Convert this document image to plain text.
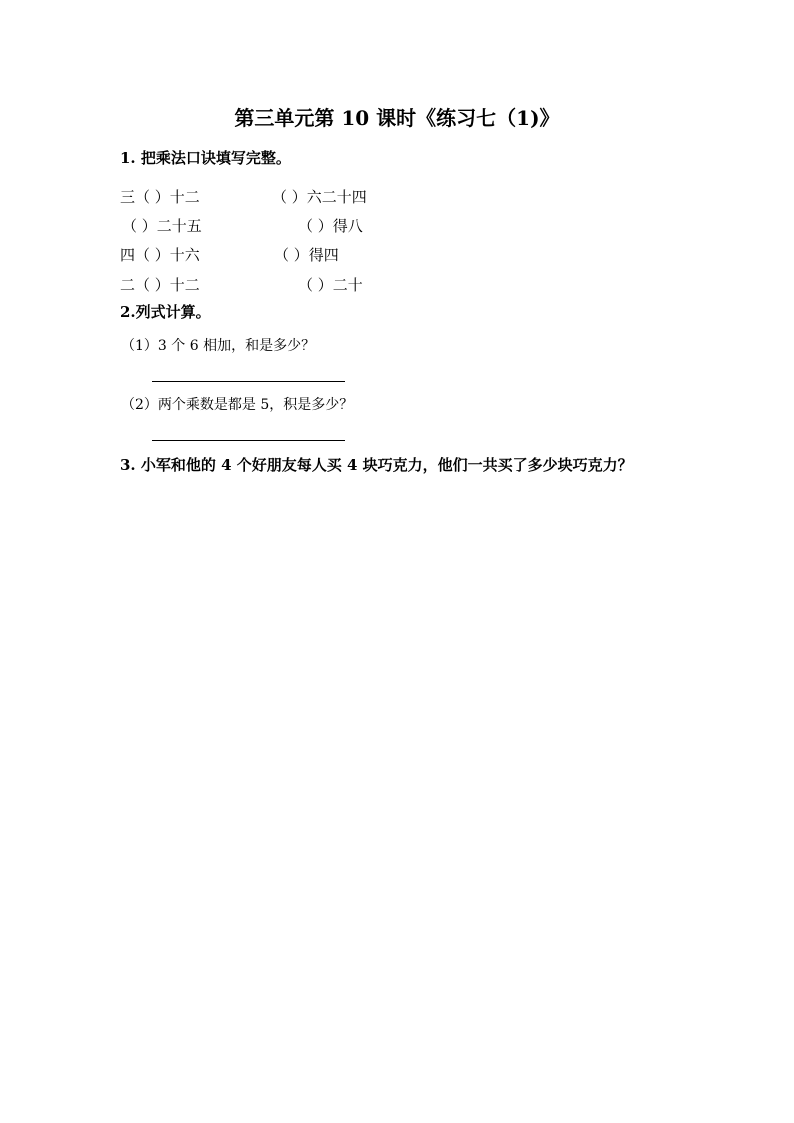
第三单元第 10 课时《练习七（1)》
1. 把乘法口诀填写完整。
三（ ）十二	（ ）六二十四
（ ）二十五	（ ）得八
四（ ）十六	（ ）得四
二（ ）十二	（ ）二十
2.列式计算。
（1）3 个 6 相加，和是多少？
（2）两个乘数是都是 5，积是多少？
3. 小军和他的 4 个好朋友每人买 4 块巧克力，他们一共买了多少块巧克力？
